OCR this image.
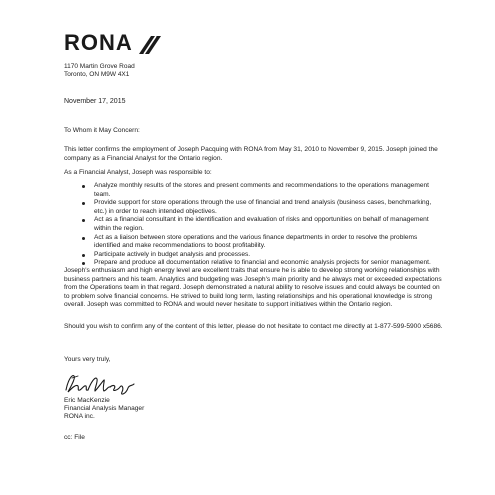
RONA
1170 Martin Grove Road
Toronto, ON M9W 4X1
November 17, 2015
To Whom it May Concern:
This letter confirms the employment of Joseph Pacquing with RONA from May 31, 2010 to November 9, 2015. Joseph joined the company as a Financial Analyst for the Ontario region.
As a Financial Analyst, Joseph was responsible to:
Analyze monthly results of the stores and present comments and recommendations to the operations management team.
Provide support for store operations through the use of financial and trend analysis (business cases, benchmarking, etc.) in order to reach intended objectives.
Act as a financial consultant in the identification and evaluation of risks and opportunities on behalf of management within the region.
Act as a liaison between store operations and the various finance departments in order to resolve the problems identified and make recommendations to boost profitability.
Participate actively in budget analysis and processes.
Prepare and produce all documentation relative to financial and economic analysis projects for senior management.
Joseph's enthusiasm and high energy level are excellent traits that ensure he is able to develop strong working relationships with business partners and his team. Analytics and budgeting was Joseph's main priority and he always met or exceeded expectations from the Operations team in that regard. Joseph demonstrated a natural ability to resolve issues and could always be counted on to problem solve financial concerns. He strived to build long term, lasting relationships and his operational knowledge is strong overall. Joseph was committed to RONA and would never hesitate to support initiatives within the Ontario region.
Should you wish to confirm any of the content of this letter, please do not hesitate to contact me directly at 1-877-599-5900 x5686.
Yours very truly,
Eric MacKenzie
Financial Analysis Manager
RONA inc.
cc: File
